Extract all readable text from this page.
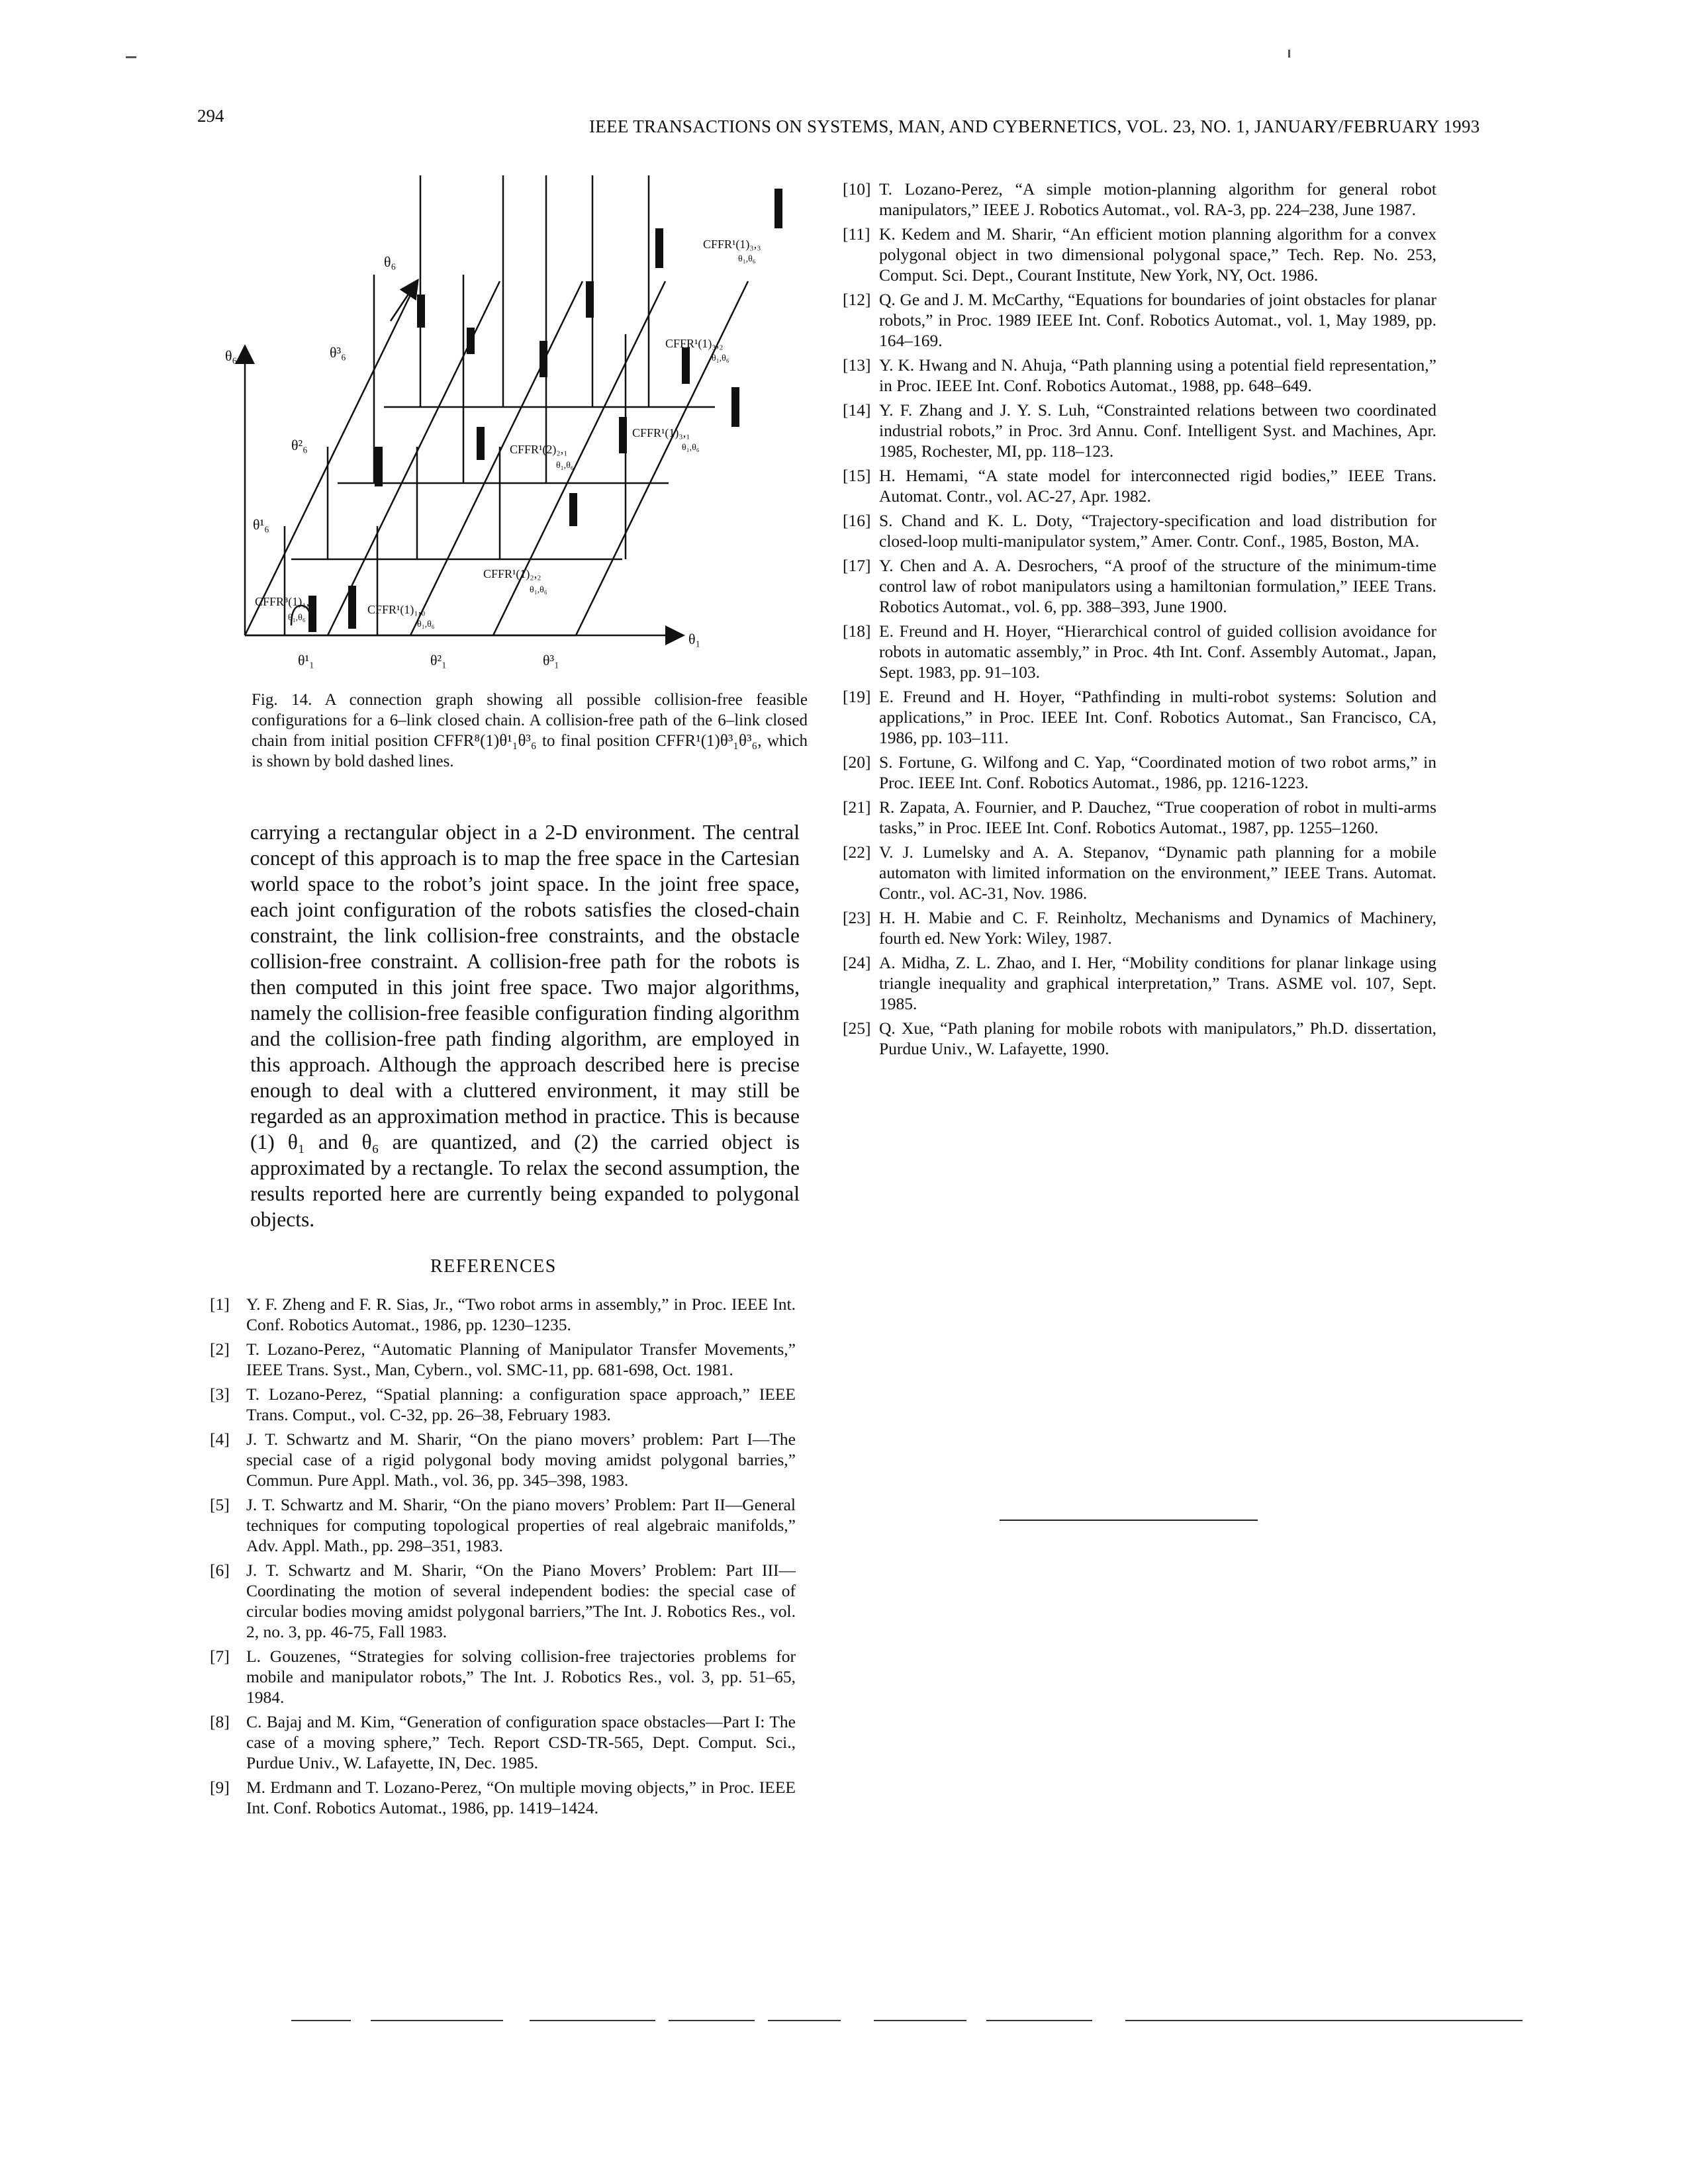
294
IEEE TRANSACTIONS ON SYSTEMS, MAN, AND CYBERNETICS, VOL. 23, NO. 1, JANUARY/FEBRUARY 1993
θ₆
θ₁
θ₆
θ³₆
θ²₆
θ¹₆
θ¹₁	θ²₁	θ³₁
CFFR⁸(1)₁,₁
θ₁,θ₆
CFFR¹(1)₁,₀
θ₁,θ₆
CFFR¹(1)₂,₂
θ₁,θ₆
CFFR¹(2)₂,₁
θ₁,θ₆
CFFR¹(1)₃,₁
θ₁,θ₆
CFFR¹(1)₃,₂
θ₁,θ₆
CFFR¹(1)₃,₃
θ₁,θ₆
Fig. 14. A connection graph showing all possible collision-free feasible configurations for a 6–link closed chain. A collision-free path of the 6–link closed chain from initial position CFFR⁸(1)θ¹₁θ³₆ to final position CFFR¹(1)θ³₁θ³₆, which is shown by bold dashed lines.
carrying a rectangular object in a 2-D environment. The central concept of this approach is to map the free space in the Cartesian world space to the robot’s joint space. In the joint free space, each joint configuration of the robots satisfies the closed-chain constraint, the link collision-free constraints, and the obstacle collision-free constraint. A collision-free path for the robots is then computed in this joint free space. Two major algorithms, namely the collision-free feasible configuration finding algorithm and the collision-free path finding algorithm, are employed in this approach. Although the approach described here is precise enough to deal with a cluttered environment, it may still be regarded as an approximation method in practice. This is because (1) θ₁ and θ₆ are quantized, and (2) the carried object is approximated by a rectangle. To relax the second assumption, the results reported here are currently being expanded to polygonal objects.
REFERENCES
[1] Y. F. Zheng and F. R. Sias, Jr., “Two robot arms in assembly,” in Proc. IEEE Int. Conf. Robotics Automat., 1986, pp. 1230–1235.
[2] T. Lozano-Perez, “Automatic Planning of Manipulator Transfer Movements,” IEEE Trans. Syst., Man, Cybern., vol. SMC-11, pp. 681-698, Oct. 1981.
[3] T. Lozano-Perez, “Spatial planning: a configuration space approach,” IEEE Trans. Comput., vol. C-32, pp. 26–38, February 1983.
[4] J. T. Schwartz and M. Sharir, “On the piano movers’ problem: Part I—The special case of a rigid polygonal body moving amidst polygonal barries,” Commun. Pure Appl. Math., vol. 36, pp. 345–398, 1983.
[5] J. T. Schwartz and M. Sharir, “On the piano movers’ Problem: Part II—General techniques for computing topological properties of real algebraic manifolds,” Adv. Appl. Math., pp. 298–351, 1983.
[6] J. T. Schwartz and M. Sharir, “On the Piano Movers’ Problem: Part III—Coordinating the motion of several independent bodies: the special case of circular bodies moving amidst polygonal barriers,”The Int. J. Robotics Res., vol. 2, no. 3, pp. 46-75, Fall 1983.
[7] L. Gouzenes, “Strategies for solving collision-free trajectories problems for mobile and manipulator robots,” The Int. J. Robotics Res., vol. 3, pp. 51–65, 1984.
[8] C. Bajaj and M. Kim, “Generation of configuration space obstacles—Part I: The case of a moving sphere,” Tech. Report CSD-TR-565, Dept. Comput. Sci., Purdue Univ., W. Lafayette, IN, Dec. 1985.
[9] M. Erdmann and T. Lozano-Perez, “On multiple moving objects,” in Proc. IEEE Int. Conf. Robotics Automat., 1986, pp. 1419–1424.
[10] T. Lozano-Perez, “A simple motion-planning algorithm for general robot manipulators,” IEEE J. Robotics Automat., vol. RA-3, pp. 224–238, June 1987.
[11] K. Kedem and M. Sharir, “An efficient motion planning algorithm for a convex polygonal object in two dimensional polygonal space,” Tech. Rep. No. 253, Comput. Sci. Dept., Courant Institute, New York, NY, Oct. 1986.
[12] Q. Ge and J. M. McCarthy, “Equations for boundaries of joint obstacles for planar robots,” in Proc. 1989 IEEE Int. Conf. Robotics Automat., vol. 1, May 1989, pp. 164–169.
[13] Y. K. Hwang and N. Ahuja, “Path planning using a potential field representation,” in Proc. IEEE Int. Conf. Robotics Automat., 1988, pp. 648–649.
[14] Y. F. Zhang and J. Y. S. Luh, “Constrainted relations between two coordinated industrial robots,” in Proc. 3rd Annu. Conf. Intelligent Syst. and Machines, Apr. 1985, Rochester, MI, pp. 118–123.
[15] H. Hemami, “A state model for interconnected rigid bodies,” IEEE Trans. Automat. Contr., vol. AC-27, Apr. 1982.
[16] S. Chand and K. L. Doty, “Trajectory-specification and load distribution for closed-loop multi-manipulator system,” Amer. Contr. Conf., 1985, Boston, MA.
[17] Y. Chen and A. A. Desrochers, “A proof of the structure of the minimum-time control law of robot manipulators using a hamiltonian formulation,” IEEE Trans. Robotics Automat., vol. 6, pp. 388–393, June 1900.
[18] E. Freund and H. Hoyer, “Hierarchical control of guided collision avoidance for robots in automatic assembly,” in Proc. 4th Int. Conf. Assembly Automat., Japan, Sept. 1983, pp. 91–103.
[19] E. Freund and H. Hoyer, “Pathfinding in multi-robot systems: Solution and applications,” in Proc. IEEE Int. Conf. Robotics Automat., San Francisco, CA, 1986, pp. 103–111.
[20] S. Fortune, G. Wilfong and C. Yap, “Coordinated motion of two robot arms,” in Proc. IEEE Int. Conf. Robotics Automat., 1986, pp. 1216-1223.
[21] R. Zapata, A. Fournier, and P. Dauchez, “True cooperation of robot in multi-arms tasks,” in Proc. IEEE Int. Conf. Robotics Automat., 1987, pp. 1255–1260.
[22] V. J. Lumelsky and A. A. Stepanov, “Dynamic path planning for a mobile automaton with limited information on the environment,” IEEE Trans. Automat. Contr., vol. AC-31, Nov. 1986.
[23] H. H. Mabie and C. F. Reinholtz, Mechanisms and Dynamics of Machinery, fourth ed. New York: Wiley, 1987.
[24] A. Midha, Z. L. Zhao, and I. Her, “Mobility conditions for planar linkage using triangle inequality and graphical interpretation,” Trans. ASME vol. 107, Sept. 1985.
[25] Q. Xue, “Path planing for mobile robots with manipulators,” Ph.D. dissertation, Purdue Univ., W. Lafayette, 1990.
